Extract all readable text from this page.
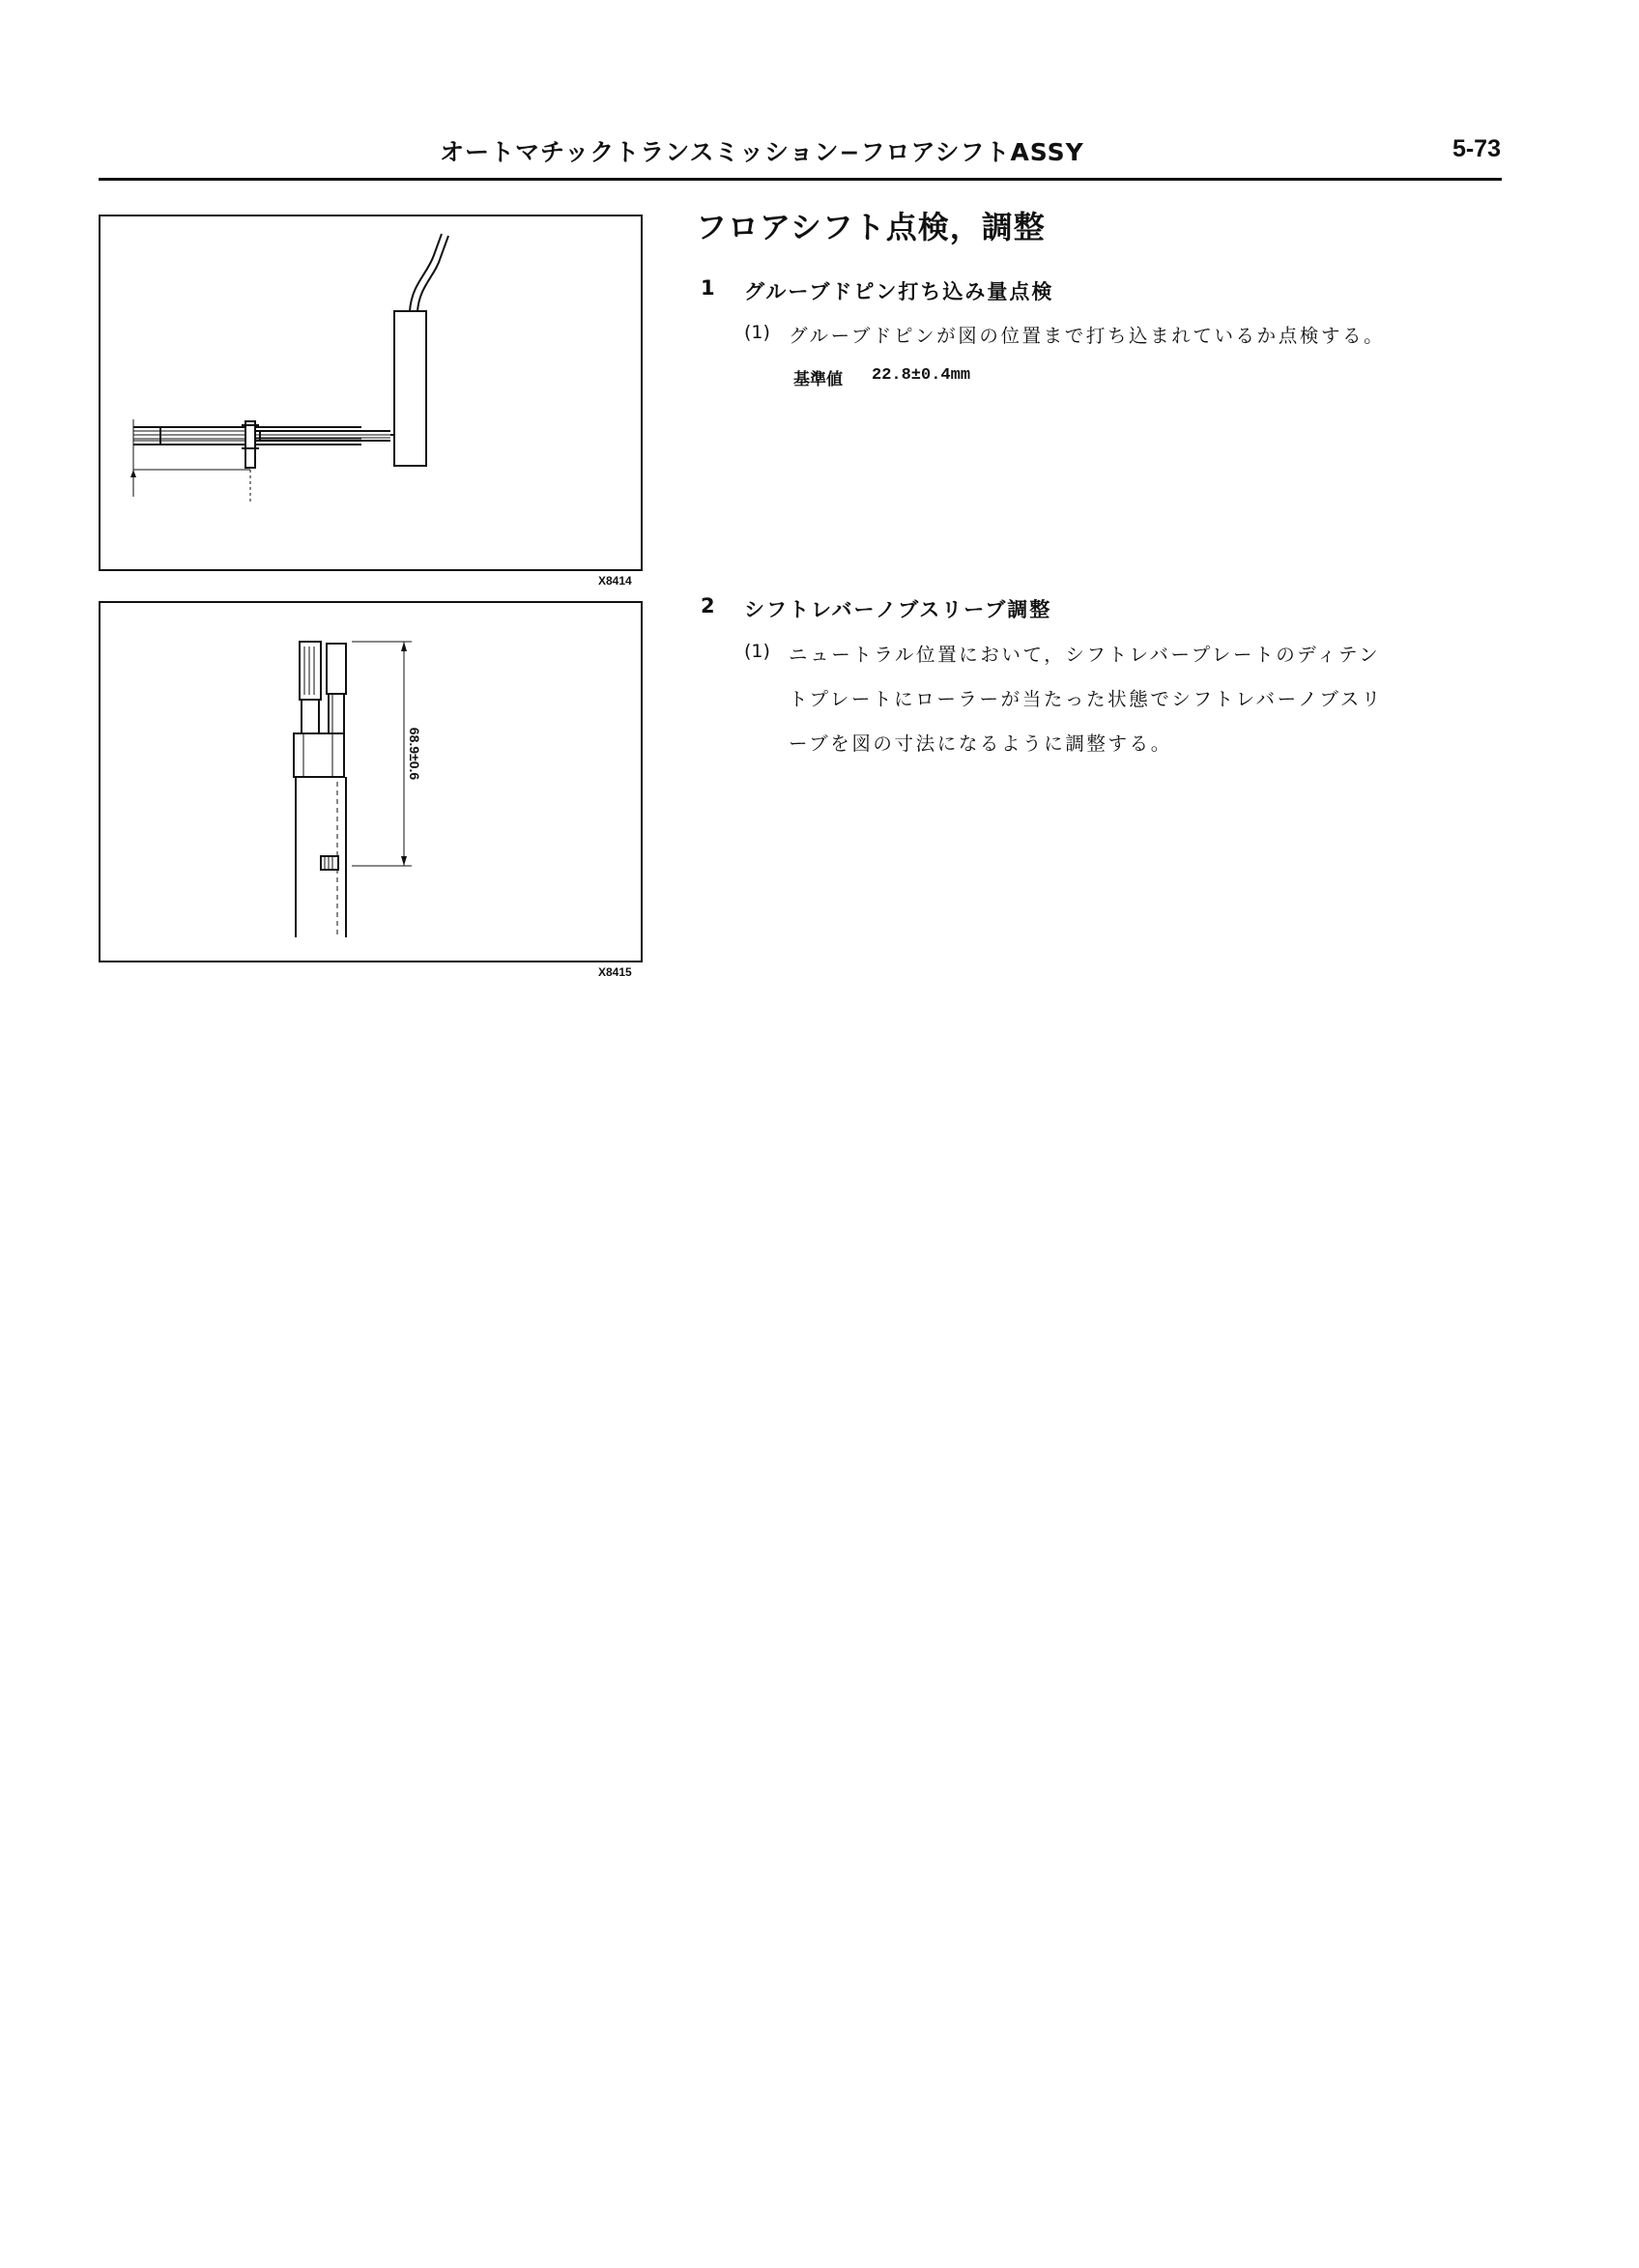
オートマチックトランスミッション−フロアシフトASSY	5-73
X8414
68.9±0.6
X8415
フロアシフト点検，調整
1 グルーブドピン打ち込み量点検
(1) グルーブドピンが図の位置まで打ち込まれているか点検する。
基準値 22.8±0.4mm
2 シフトレバーノブスリーブ調整
(1) ニュートラル位置において，シフトレバープレートのディテン
トプレートにローラーが当たった状態でシフトレバーノブスリ
ーブを図の寸法になるように調整する。
